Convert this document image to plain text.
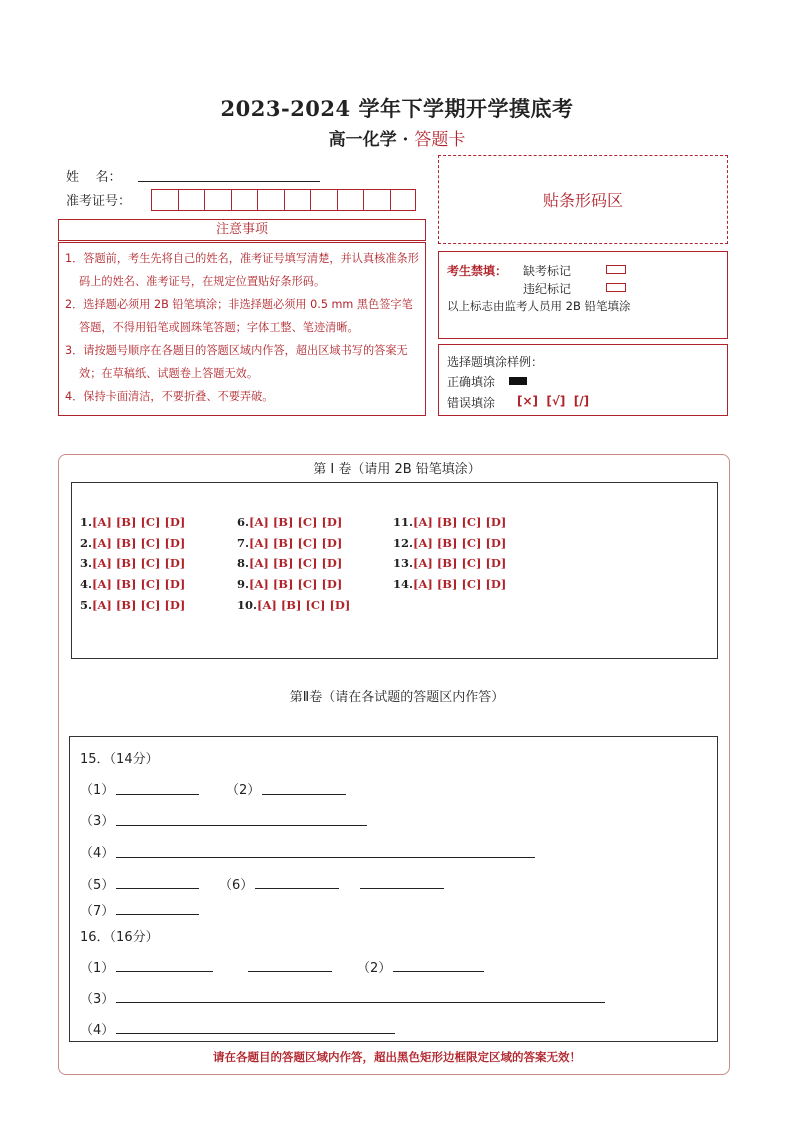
2023-2024 学年下学期开学摸底考
高一化学 · 答题卡
姓    名：
准考证号：	贴条形码区
注意事项
1．答题前，考生先将自己的姓名，准考证号填写清楚，并认真核准条形码上的姓名、准考证号，在规定位置贴好条形码。
2．选择题必须用 2B 铅笔填涂；非选择题必须用 0.5 mm 黑色签字笔答题，不得用铅笔或圆珠笔答题；字体工整、笔迹清晰。
3．请按题号顺序在各题目的答题区域内作答，超出区域书写的答案无效；在草稿纸、试题卷上答题无效。
4．保持卡面清洁，不要折叠、不要弄破。
考生禁填： 缺考标记
违纪标记
以上标志由监考人员用 2B 铅笔填涂
选择题填涂样例：
正确填涂
错误填涂 [×]  [√]  [/]
第 I 卷（请用 2B 铅笔填涂）
1.[A] [B] [C] [D]
2.[A] [B] [C] [D]
3.[A] [B] [C] [D]
4.[A] [B] [C] [D]
5.[A] [B] [C] [D]
6.[A] [B] [C] [D]
7.[A] [B] [C] [D]
8.[A] [B] [C] [D]
9.[A] [B] [C] [D]
10.[A] [B] [C] [D]
11.[A] [B] [C] [D]
12.[A] [B] [C] [D]
13.[A] [B] [C] [D]
14.[A] [B] [C] [D]
第Ⅱ卷（请在各试题的答题区内作答）
15．（14分）
（1）	（2）
（3）
（4）
（5）	（6）
（7）
16．（16分）
（1）	（2）
（3）
（4）
请在各题目的答题区域内作答，超出黑色矩形边框限定区域的答案无效！
